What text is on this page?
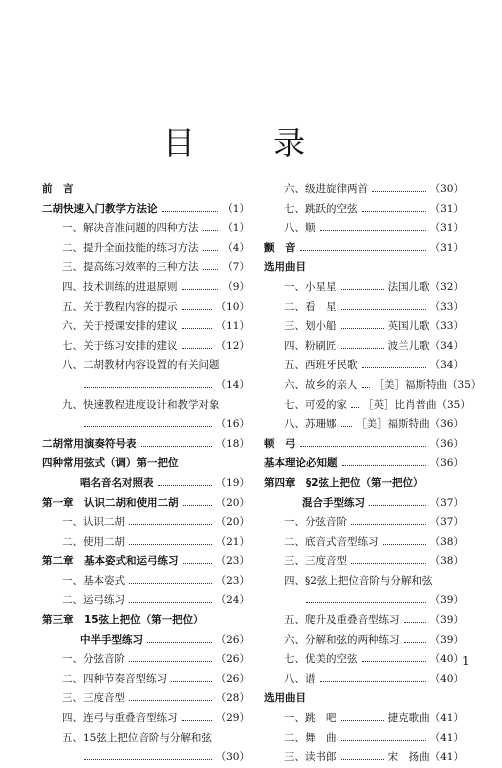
目 录
前　言
二胡快速入门教学方法论	（1）
一、解决音准问题的四种方法 （1）
二、提升全面技能的练习方法 （4）
三、提高练习效率的三种方法 （7）
四、技术训练的进退原则	（9）
五、关于教程内容的提示	（10）
六、关于授课安排的建议	（11）
七、关于练习安排的建议	（12）
八、二胡教材内容设置的有关问题
（14）
九、快速教程进度设计和教学对象
（16）
二胡常用演奏符号表	（18）
四种常用弦式（调）第一把位
唱名音名对照表	（19）
第一章　认识二胡和使用二胡	（20）
一、认识二胡	（20）
二、使用二胡	（21）
第二章　基本姿式和运弓练习	（23）
一、基本姿式	（23）
二、运弓练习	（24）
第三章　15弦上把位（第一把位）
中半手型练习	（26）
一、分弦音阶	（26）
二、四种节奏音型练习	（26）
三、三度音型	（28）
四、连弓与重叠音型练习	（29）
五、15弦上把位音阶与分解和弦
（30）
六、级进旋律两首	（30）
七、跳跃的空弦	（31）
八、顺	（31）
颤　音	（31）
选用曲目
一、小星星	法国儿歌（32）
二、看　星	（33）
三、划小船	英国儿歌（33）
四、粉刷匠	波兰儿歌（34）
五、西班牙民歌	（34）
六、故乡的亲人 ［美］福斯特曲（35）
七、可爱的家 ［英］比肖普曲（35）
八、苏珊娜 ［美］福斯特曲（36）
顿　弓	（36）
基本理论必知题	（36）
第四章　§2弦上把位（第一把位）
混合手型练习	（37）
一、分弦音阶	（37）
二、底音式音型练习	（38）
三、三度音型	（38）
四、§2弦上把位音阶与分解和弦
（39）
五、爬升及重叠音型练习	（39）
六、分解和弦的两种练习	（39）
七、优美的空弦	（40）
八、谱	（40）
选用曲目
一、跳　吧	捷克歌曲（41）
二、舞　曲	（41）
三、读书郎	宋　扬曲（41）
1
